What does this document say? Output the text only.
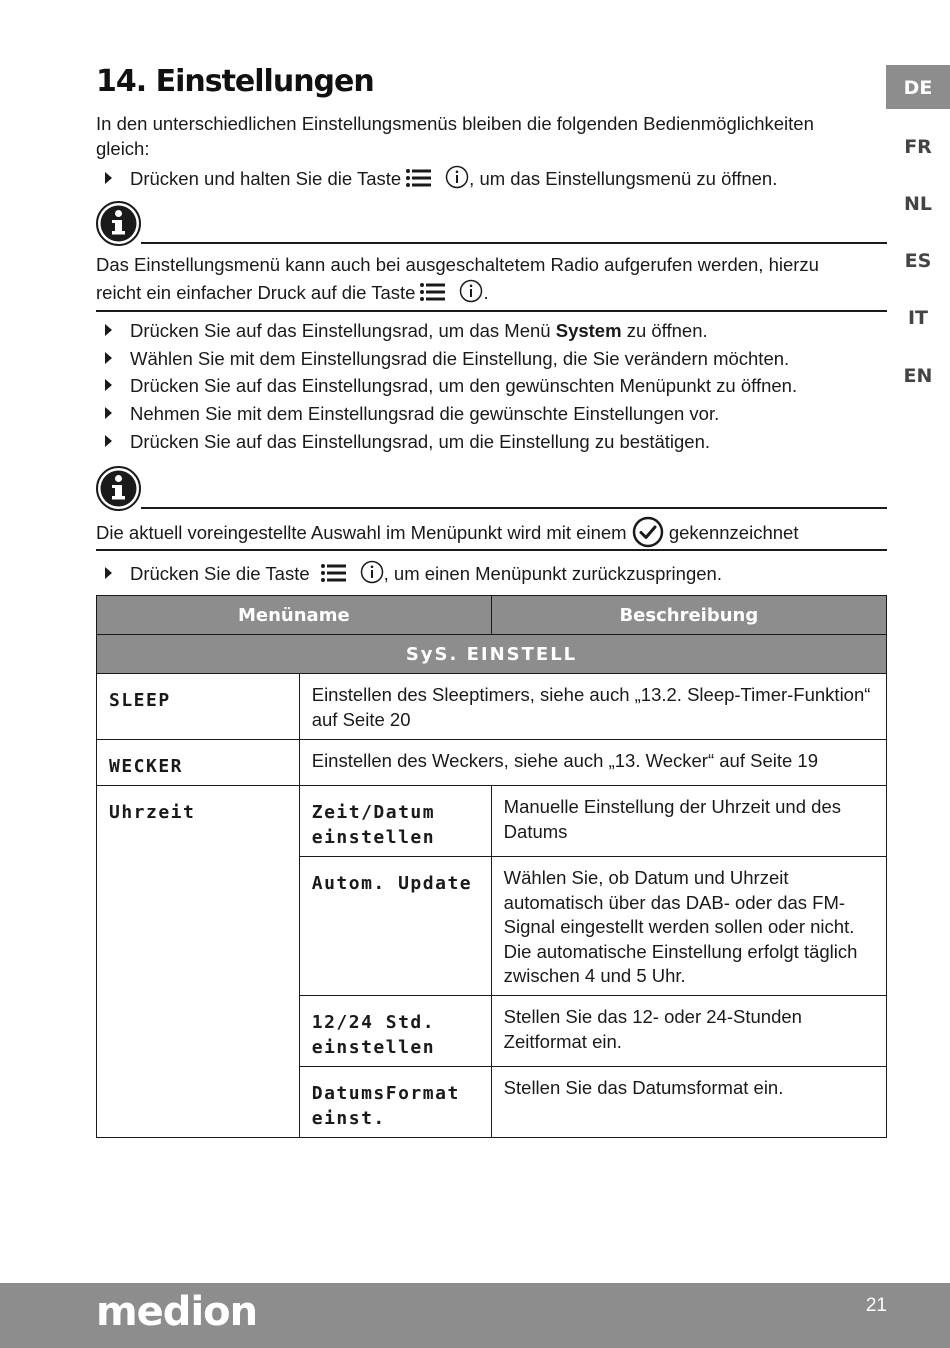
DE
FR
NL
ES
IT
EN
14. Einstellungen
In den unterschiedlichen Einstellungsmenüs bleiben die folgenden Bedienmöglichkeiten gleich:
Drücken und halten Sie die Taste	, um das Einstellungsmenü zu öffnen.
Das Einstellungsmenü kann auch bei ausgeschaltetem Radio aufgerufen werden, hierzu
reicht ein einfacher Druck auf die Taste	.
Drücken Sie auf das Einstellungsrad, um das Menü System zu öffnen.
Wählen Sie mit dem Einstellungsrad die Einstellung, die Sie verändern möchten.
Drücken Sie auf das Einstellungsrad, um den gewünschten Menüpunkt zu öffnen.
Nehmen Sie mit dem Einstellungsrad die gewünschte Einstellungen vor.
Drücken Sie auf das Einstellungsrad, um die Einstellung zu bestätigen.
Die aktuell voreingestellte Auswahl im Menüpunkt wird mit einem gekennzeichnet
Drücken Sie die Taste	, um einen Menüpunkt zurückzuspringen.
Menüname		Beschreibung
SyS. EINSTELL		
SLEEP	Einstellen des Sleeptimers, siehe auch „13.2. Sleep-Timer-Funktion“ auf Seite 20	
WECKER	Einstellen des Weckers, siehe auch „13. Wecker“ auf Seite 19	
Uhrzeit	Zeit/Datum einstellen	Manuelle Einstellung der Uhrzeit und des Datums
	Autom. Update	Wählen Sie, ob Datum und Uhrzeit automatisch über das DAB- oder das FM-Signal eingestellt werden sollen oder nicht. Die automatische Einstellung erfolgt täglich zwischen 4 und 5 Uhr.
	12/24 Std. einstellen	Stellen Sie das 12- oder 24-Stunden Zeitformat ein.
	DatumsFormat einst.	Stellen Sie das Datumsformat ein.
medion	21
